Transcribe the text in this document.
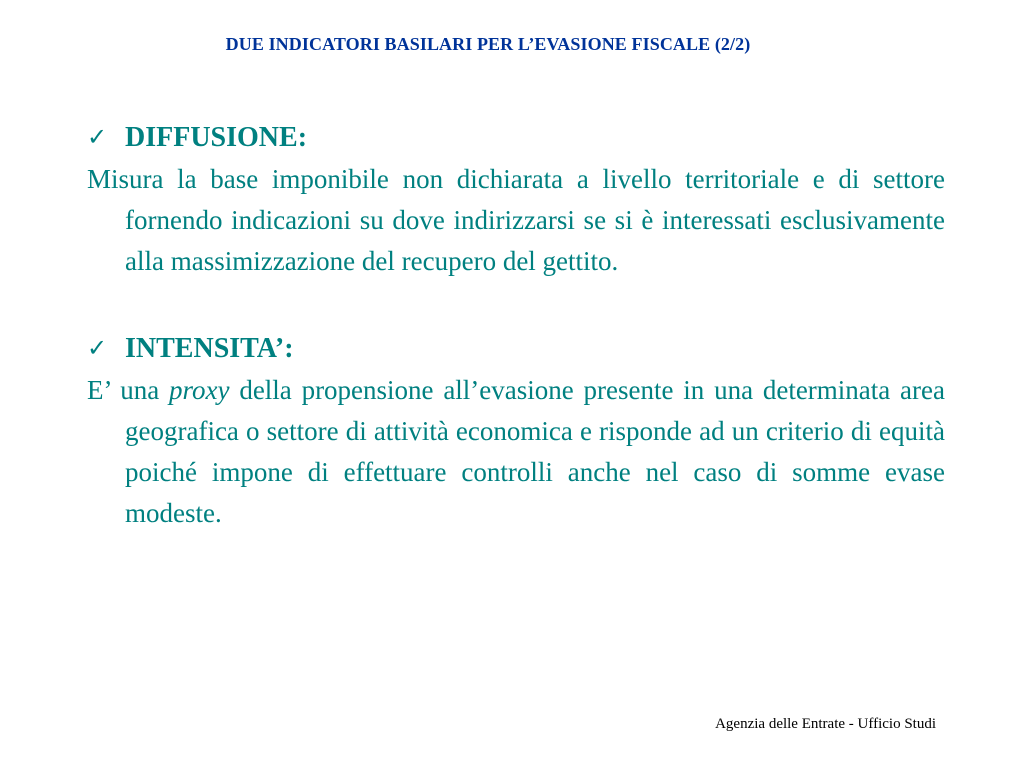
DUE INDICATORI BASILARI PER L’EVASIONE FISCALE (2/2)
✓ DIFFUSIONE:
Misura la base imponibile non dichiarata a livello territoriale e di settore fornendo indicazioni su dove indirizzarsi se si è interessati esclusivamente alla massimizzazione del recupero del gettito.
✓ INTENSITA’:
E’ una proxy della propensione all’evasione presente in una determinata area geografica o settore di attività economica e risponde ad un criterio di equità poiché impone di effettuare controlli anche nel caso di somme evase modeste.
Agenzia delle Entrate - Ufficio Studi
